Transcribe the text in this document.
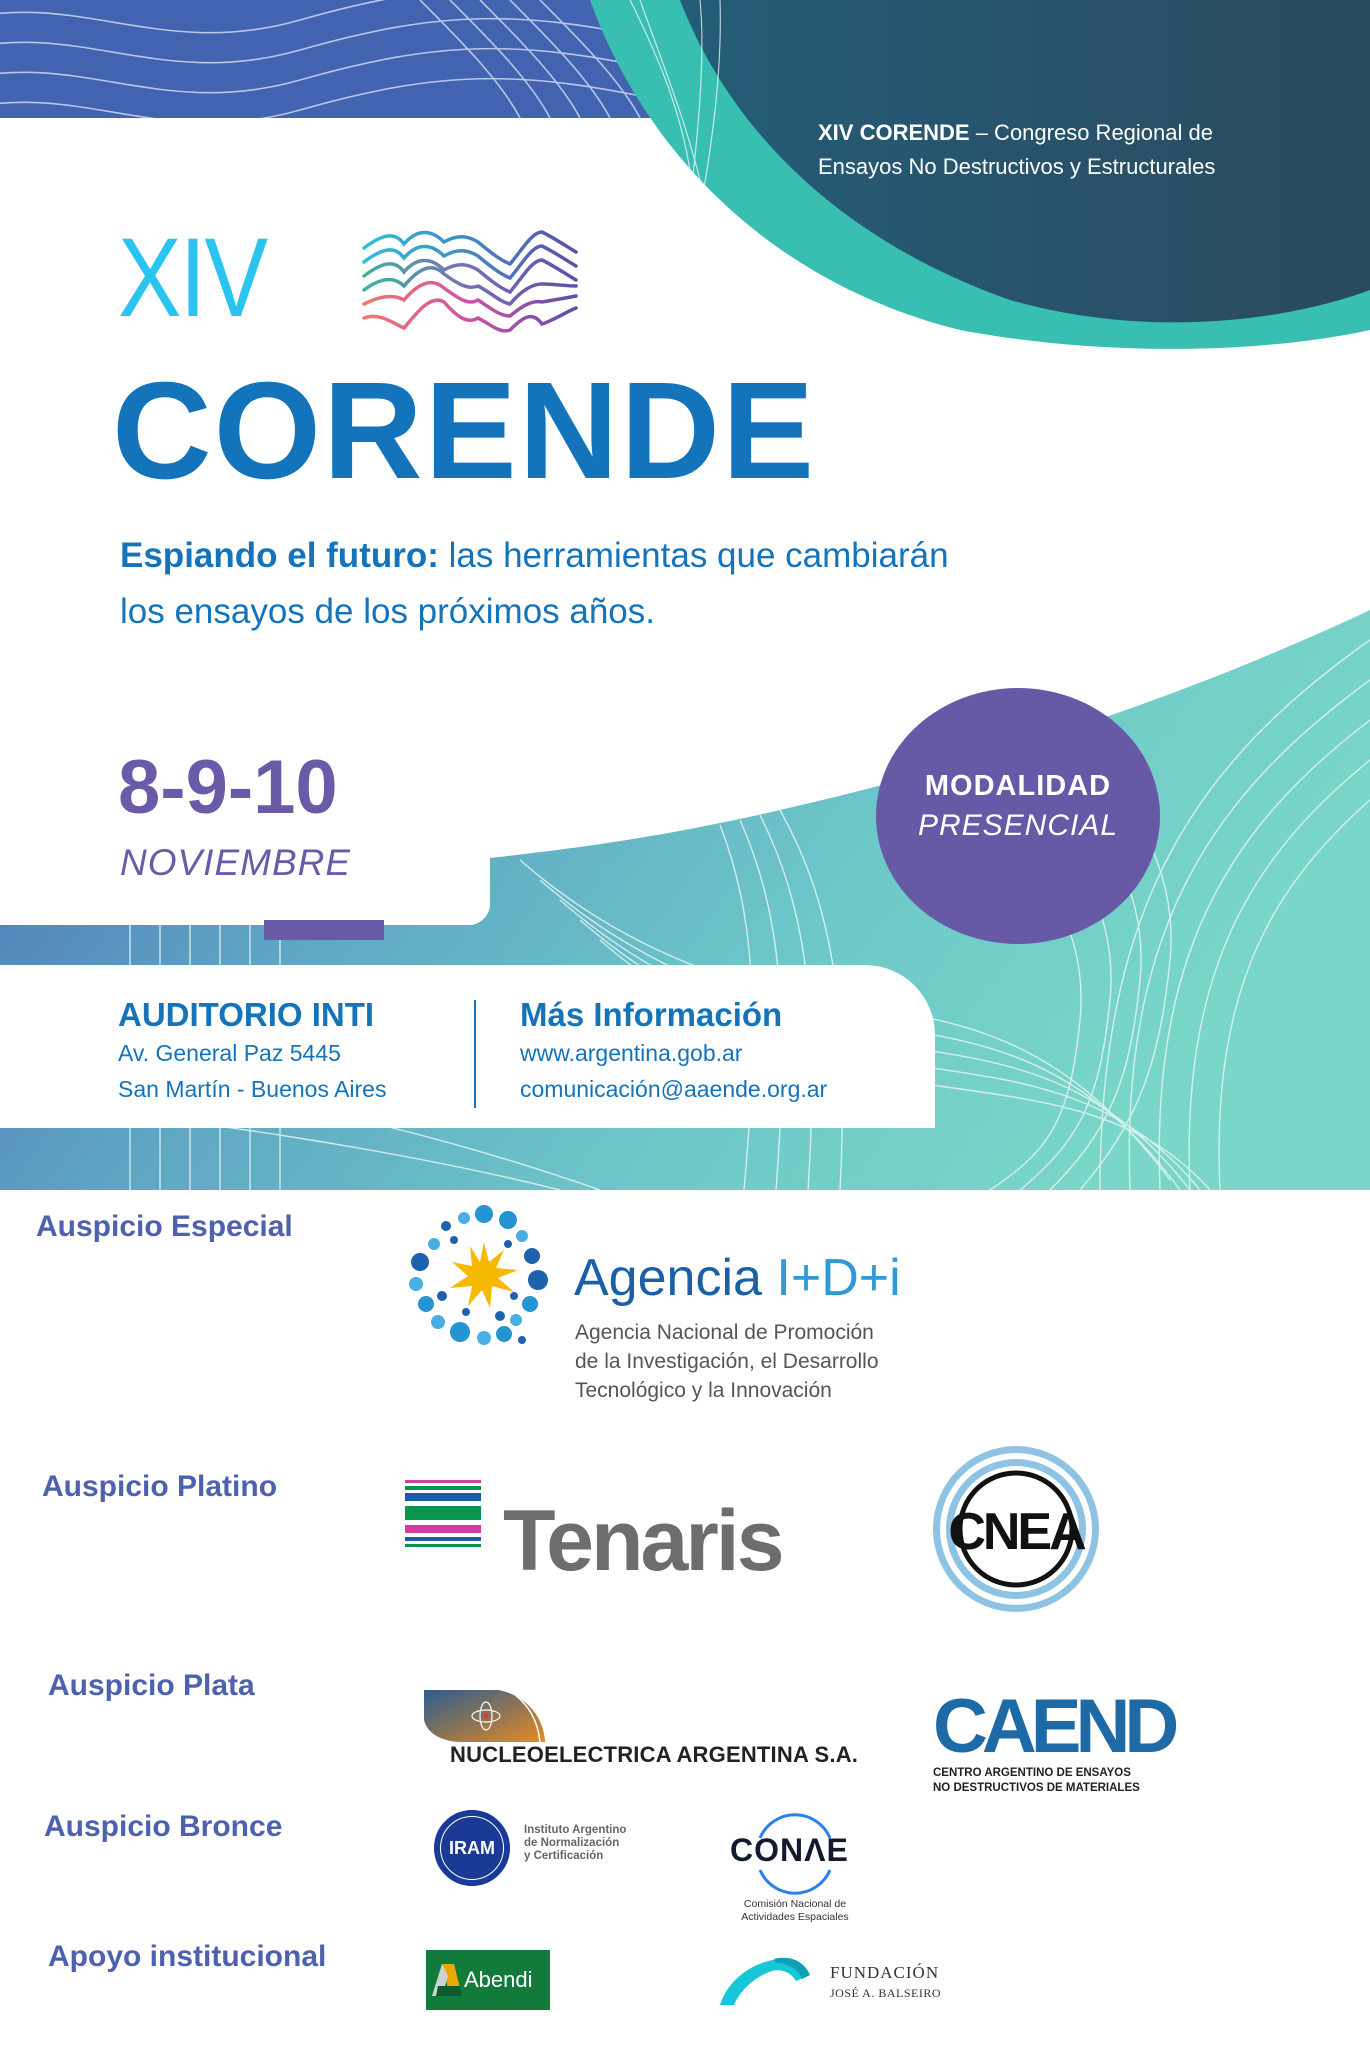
XIV CORENDE – Congreso Regional de
Ensayos No Destructivos y Estructurales
XIV
CORENDE
Espiando el futuro: las herramientas que cambiarán
los ensayos de los próximos años.
8-9-10
NOVIEMBRE
MODALIDAD
PRESENCIAL
AUDITORIO INTI
Av. General Paz 5445
San Martín - Buenos Aires
Más Información
www.argentina.gob.ar
comunicación@aaende.org.ar
Auspicio Especial
Auspicio Platino
Auspicio Plata
Auspicio Bronce
Apoyo institucional
Agencia I+D+i
Agencia Nacional de Promoción
de la Investigación, el Desarrollo
Tecnológico y la Innovación
Tenaris	CNEA
NUCLEOELECTRICA ARGENTINA S.A. CAEND
CENTRO ARGENTINO DE ENSAYOS
NO DESTRUCTIVOS DE MATERIALES
IRAM
Instituto Argentino
de Normalización
y Certificación	CONΛE
Comisión Nacional de
Actividades Espaciales
Abendi	FUNDACIÓN
JOSÉ A. BALSEIRO
